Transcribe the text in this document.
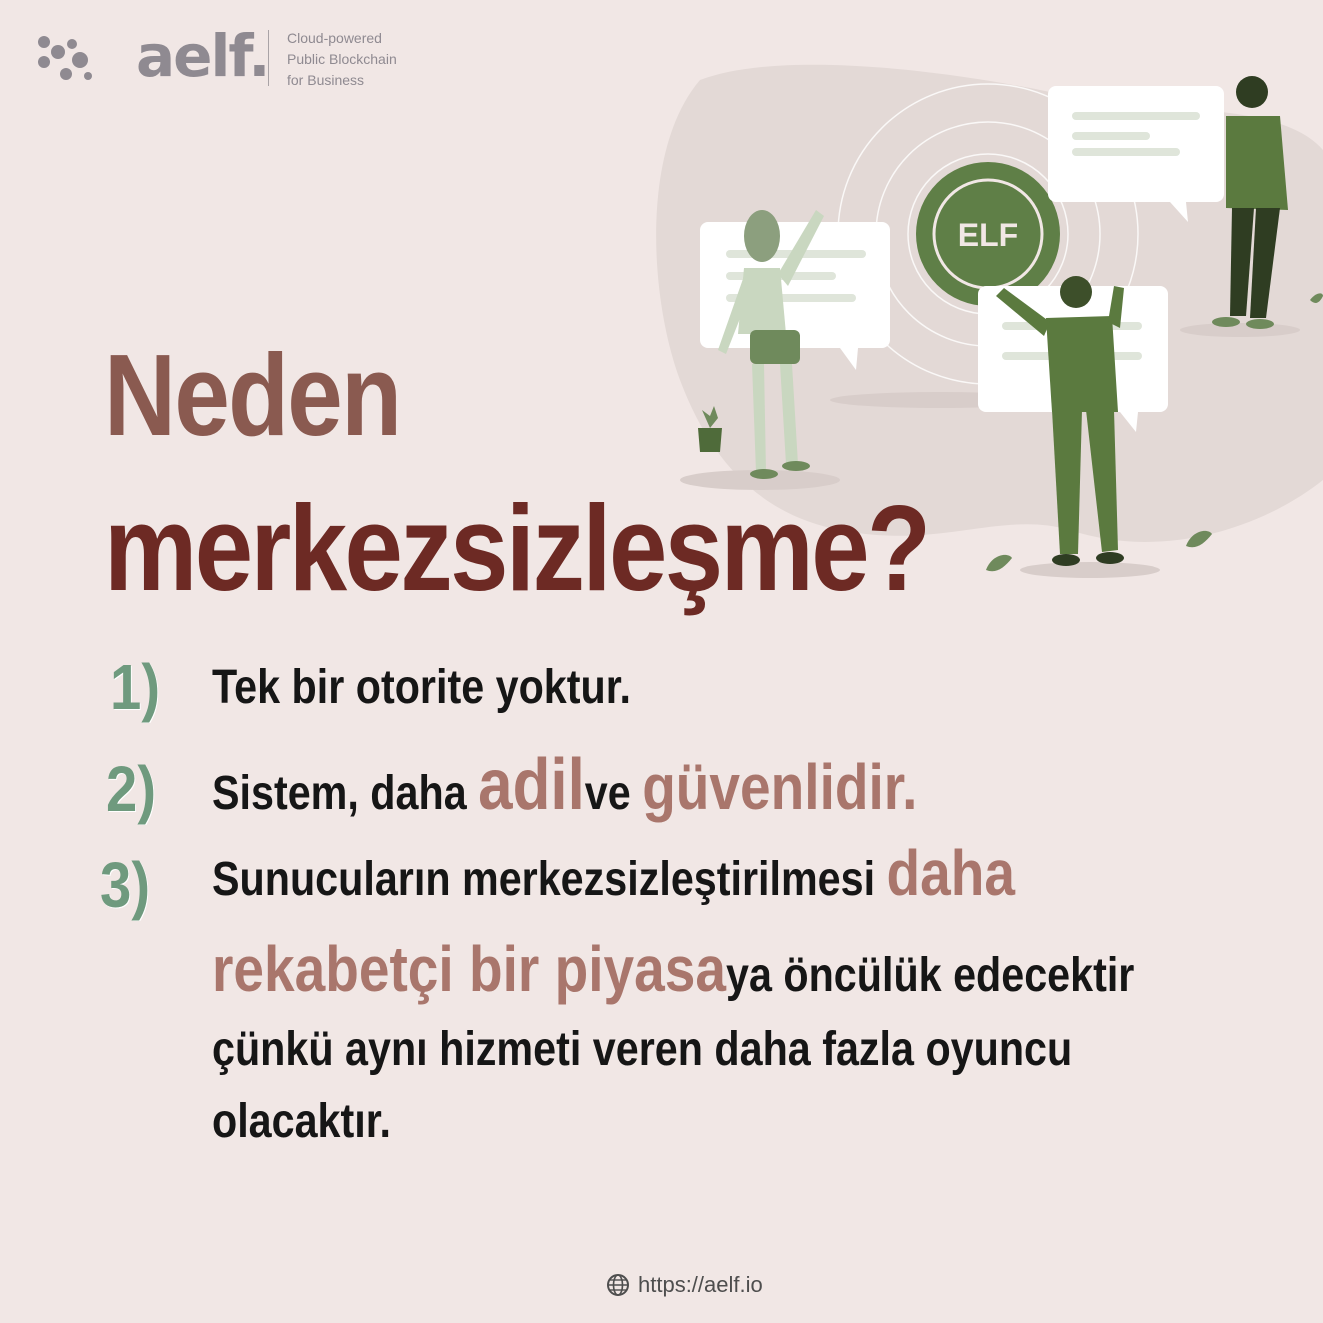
aelf. Cloud-powered
Public Blockchain
for Business
ELF
Neden
merkezsizleşme?
1) Tek bir otorite yoktur.
2) Sistem, daha adilve güvenlidir.
3) Sunucuların merkezsizleştirilmesi daha
rekabetçi bir piyasaya öncülük edecektir
çünkü aynı hizmeti veren daha fazla oyuncu
olacaktır.
https://aelf.io
